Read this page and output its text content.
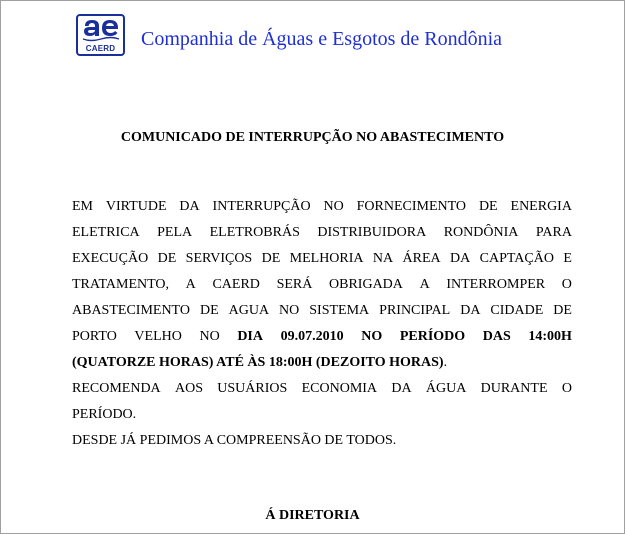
CAERD	Companhia de Águas e Esgotos de Rondônia
COMUNICADO DE INTERRUPÇÃO NO ABASTECIMENTO
EM VIRTUDE DA INTERRUPÇÃO NO FORNECIMENTO DE ENERGIA
ELETRICA PELA ELETROBRÁS DISTRIBUIDORA RONDÔNIA PARA
EXECUÇÃO DE SERVIÇOS DE MELHORIA NA ÁREA DA CAPTAÇÃO E
TRATAMENTO, A CAERD SERÁ OBRIGADA A INTERROMPER O
ABASTECIMENTO DE AGUA NO SISTEMA PRINCIPAL DA CIDADE DE
PORTO VELHO NO DIA 09.07.2010 NO PERÍODO DAS 14:00H
(QUATORZE HORAS) ATÉ ÀS 18:00H (DEZOITO HORAS).
RECOMENDA AOS USUÁRIOS ECONOMIA DA ÁGUA DURANTE O
PERÍODO.
DESDE JÁ PEDIMOS A COMPREENSÃO DE TODOS.
Á DIRETORIA
